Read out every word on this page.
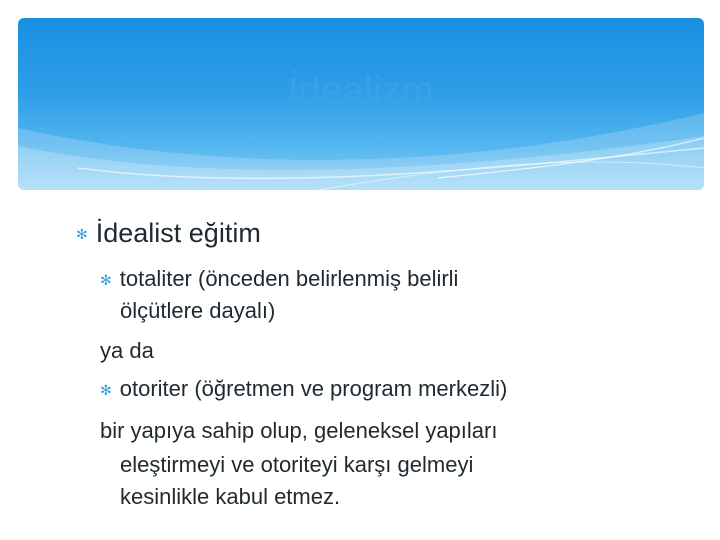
İdealizm
✻ İdealist eğitim
✻ totaliter (önceden belirlenmiş belirli
ölçütlere dayalı)
ya da
✻ otoriter (öğretmen ve program merkezli)
bir yapıya sahip olup, geleneksel yapıları
eleştirmeyi ve otoriteyi karşı gelmeyi
kesinlikle kabul etmez.
